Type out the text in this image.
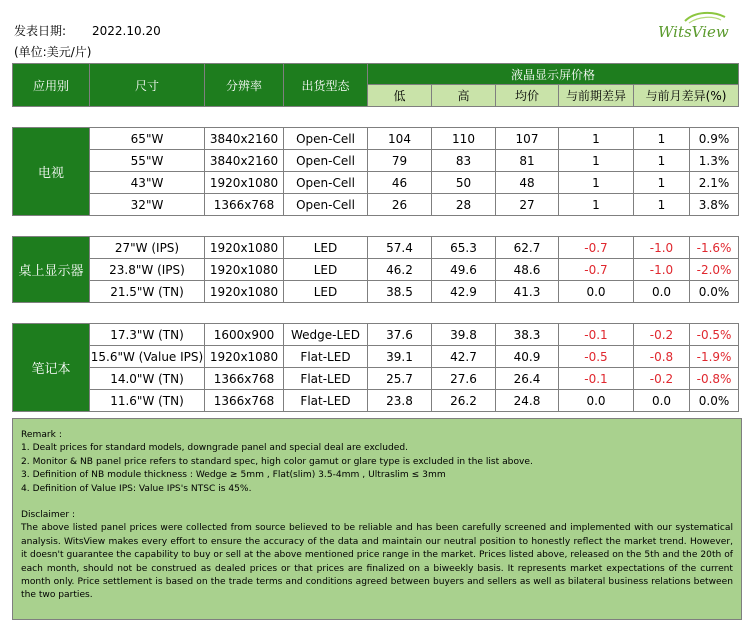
发表日期: 2022.10.20
(单位:美元/片)
WitsView
应用别	尺寸	分辨率	出货型态	液晶显示屏价格					
				低	高	均价	与前期差异	与前月差异(%)	

电视	65"W	3840x2160	Open-Cell	104	110	107	1	1	0.9%
	55"W	3840x2160	Open-Cell	79	83	81	1	1	1.3%
	43"W	1920x1080	Open-Cell	46	50	48	1	1	2.1%
	32"W	1366x768	Open-Cell	26	28	27	1	1	3.8%

桌上显示器	27"W (IPS)	1920x1080	LED	57.4	65.3	62.7	-0.7	-1.0	-1.6%
	23.8"W (IPS)	1920x1080	LED	46.2	49.6	48.6	-0.7	-1.0	-2.0%
	21.5"W (TN)	1920x1080	LED	38.5	42.9	41.3	0.0	0.0	0.0%

笔记本	17.3"W (TN)	1600x900	Wedge-LED	37.6	39.8	38.3	-0.1	-0.2	-0.5%
	15.6"W (Value IPS)	1920x1080	Flat-LED	39.1	42.7	40.9	-0.5	-0.8	-1.9%
	14.0"W (TN)	1366x768	Flat-LED	25.7	27.6	26.4	-0.1	-0.2	-0.8%
	11.6"W (TN)	1366x768	Flat-LED	23.8	26.2	24.8	0.0	0.0	0.0%

Remark :

1. Dealt prices for standard models, downgrade panel and special deal are excluded.

2. Monitor & NB panel price refers to standard spec, high color gamut or glare type is excluded in the list above.

3. Definition of NB module thickness : Wedge ≥ 5mm , Flat(slim) 3.5-4mm , Ultraslim ≤ 3mm

4. Definition of Value IPS: Value IPS's NTSC is 45%.

Disclaimer :

The above listed panel prices were collected from source believed to be reliable and has been carefully screened and implemented with our systematical analysis. WitsView makes every effort to ensure the accuracy of the data and maintain our neutral position to honestly reflect the market trend. However, it doesn't guarantee the capability to buy or sell at the above mentioned price range in the market. Prices listed above, released on the 5th and the 20th of each month, should not be construed as dealed prices or that prices are finalized on a biweekly basis. It represents market expectations of the current month only. Price settlement is based on the trade terms and conditions agreed between buyers and sellers as well as bilateral business relations between the two parties.
